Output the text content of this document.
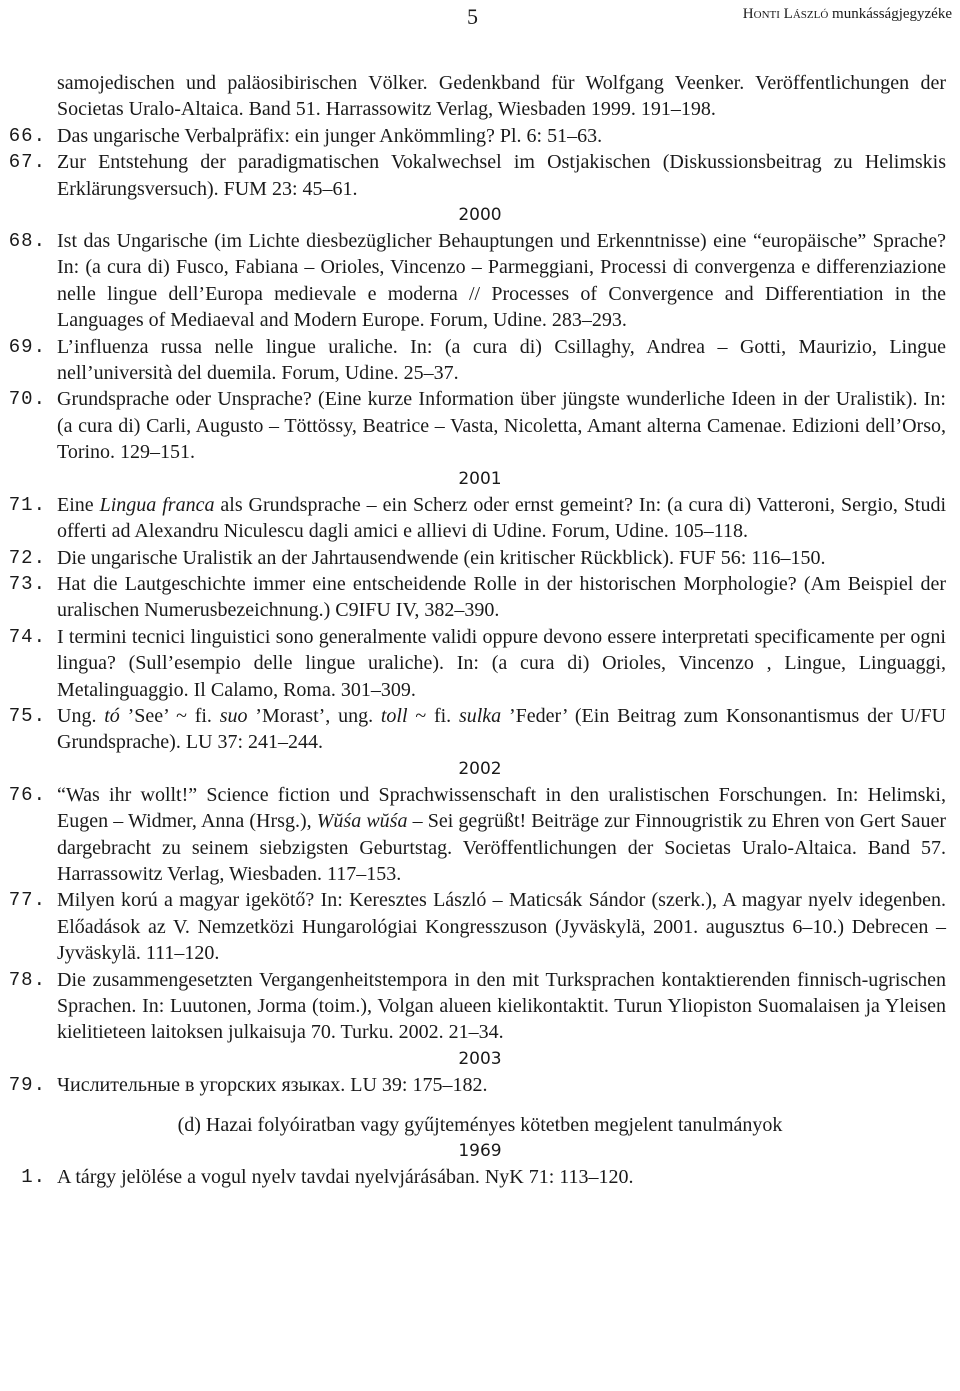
5	HONTI LÁSZLÓ munkásságjegyzéke
samojedischen und paläosibirischen Völker. Gedenkband für Wolfgang Veenker. Veröffentlichungen der Societas Uralo-Altaica. Band 51. Harrassowitz Verlag, Wiesbaden 1999. 191–198.
66. Das ungarische Verbalpräfix: ein junger Ankömmling? Pl. 6: 51–63.
67. Zur Entstehung der paradigmatischen Vokalwechsel im Ostjakischen (Diskussionsbeitrag zu Helimskis Erklärungsversuch). FUM 23: 45–61.
2000
68. Ist das Ungarische (im Lichte diesbezüglicher Behauptungen und Erkenntnisse) eine “europäische” Sprache? In: (a cura di) Fusco, Fabiana – Orioles, Vincenzo – Parmeggiani, Processi di convergenza e differenziazione nelle lingue dell’Europa medievale e moderna // Processes of Convergence and Differentiation in the Languages of Mediaeval and Modern Europe. Forum, Udine. 283–293.
69. L’influenza russa nelle lingue uraliche. In: (a cura di) Csillaghy, Andrea – Gotti, Maurizio, Lingue nell’università del duemila. Forum, Udine. 25–37.
70. Grundsprache oder Unsprache? (Eine kurze Information über jüngste wunderliche Ideen in der Uralistik). In: (a cura di) Carli, Augusto – Töttössy, Beatrice – Vasta, Nicoletta, Amant alterna Camenae. Edizioni dell’Orso, Torino. 129–151.
2001
71. Eine Lingua franca als Grundsprache – ein Scherz oder ernst gemeint? In: (a cura di) Vatteroni, Sergio, Studi offerti ad Alexandru Niculescu dagli amici e allievi di Udine. Forum, Udine. 105–118.
72. Die ungarische Uralistik an der Jahrtausendwende (ein kritischer Rückblick). FUF 56: 116–150.
73. Hat die Lautgeschichte immer eine entscheidende Rolle in der historischen Morphologie? (Am Beispiel der uralischen Numerusbezeichnung.) C9IFU IV, 382–390.
74. I termini tecnici linguistici sono generalmente validi oppure devono essere interpretati specificamente per ogni lingua? (Sull’esempio delle lingue uraliche). In: (a cura di) Orioles, Vincenzo , Lingue, Linguaggi, Metalinguaggio. Il Calamo, Roma. 301–309.
75. Ung. tó ’See’ ~ fi. suo ’Morast’, ung. toll ~ fi. sulka ’Feder’ (Ein Beitrag zum Konsonantismus der U/FU Grundsprache). LU 37: 241–244.
2002
76. “Was ihr wollt!” Science fiction und Sprachwissenschaft in den uralistischen Forschungen. In: Helimski, Eugen – Widmer, Anna (Hrsg.), Wŭśa wŭśa – Sei gegrüßt! Beiträge zur Finnougristik zu Ehren von Gert Sauer dargebracht zu seinem siebzigsten Geburtstag. Veröffentlichungen der Societas Uralo-Altaica. Band 57. Harrassowitz Verlag, Wiesbaden. 117–153.
77. Milyen korú a magyar igekötő? In: Keresztes László – Maticsák Sándor (szerk.), A magyar nyelv idegenben. Előadások az V. Nemzetközi Hungarológiai Kongresszuson (Jyväskylä, 2001. augusztus 6–10.) Debrecen – Jyväskylä. 111–120.
78. Die zusammengesetzten Vergangenheitstempora in den mit Turksprachen kontaktierenden finnisch-ugrischen Sprachen. In: Luutonen, Jorma (toim.), Volgan alueen kielikontaktit. Turun Yliopiston Suomalaisen ja Yleisen kielitieteen laitoksen julkaisuja 70. Turku. 2002. 21–34.
2003
79. Числительные в угорских языках. LU 39: 175–182.
(d) Hazai folyóiratban vagy gyűjteményes kötetben megjelent tanulmányok
1969
1. A tárgy jelölése a vogul nyelv tavdai nyelvjárásában. NyK 71: 113–120.
